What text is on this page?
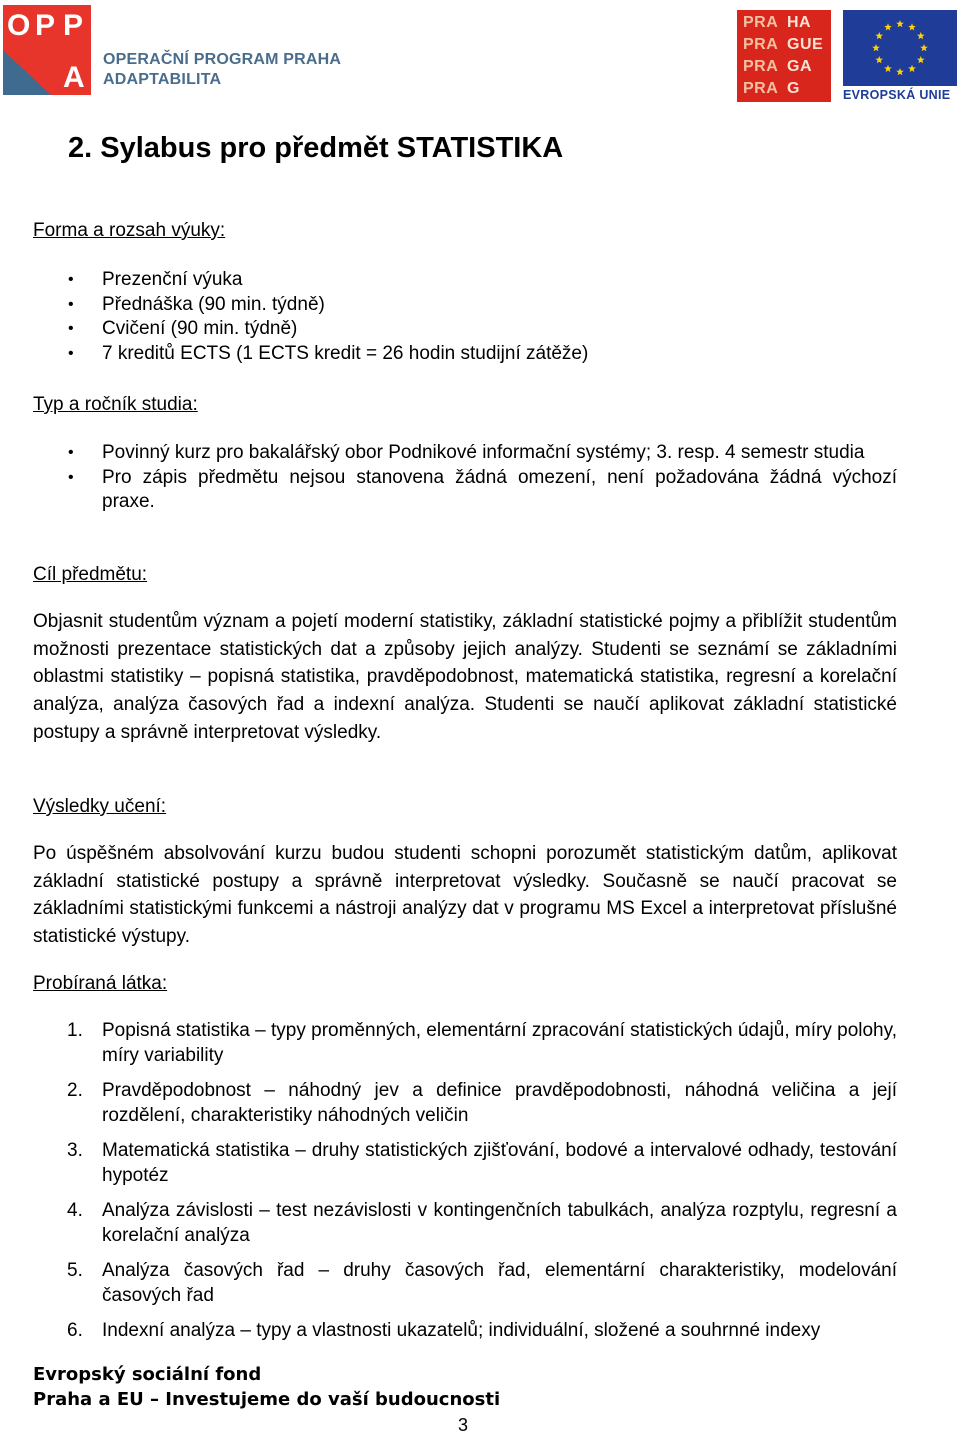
O P P
A
OPERAČNÍ PROGRAM PRAHA
ADAPTABILITA
PRA HA
PRA GUE
PRA GA
PRA G	EVROPSKÁ UNIE
2. Sylabus pro předmět STATISTIKA

Forma a rozsah výuky:

• Prezenční výuka
• Přednáška (90 min. týdně)
• Cvičení (90 min. týdně)
• 7 kreditů ECTS (1 ECTS kredit = 26 hodin studijní zátěže)

Typ a ročník studia:

• Povinný kurz pro bakalářský obor Podnikové informační systémy; 3. resp. 4 semestr studia
• Pro zápis předmětu nejsou stanovena žádná omezení, není požadována žádná výchozí praxe.

Cíl předmětu:

Objasnit studentům význam a pojetí moderní statistiky, základní statistické pojmy a přiblížit studentům možnosti prezentace statistických dat a způsoby jejich analýzy. Studenti se seznámí se základními oblastmi statistiky – popisná statistika, pravděpodobnost, matematická statistika, regresní a korelační analýza, analýza časových řad a indexní analýza. Studenti se naučí aplikovat základní statistické postupy a správně interpretovat výsledky.

Výsledky učení:

Po úspěšném absolvování kurzu budou studenti schopni porozumět statistickým datům, aplikovat základní statistické postupy a správně interpretovat výsledky. Současně se naučí pracovat se základními statistickými funkcemi a nástroji analýzy dat v programu MS Excel a interpretovat příslušné statistické výstupy.

Probíraná látka:

1. Popisná statistika – typy proměnných, elementární zpracování statistických údajů, míry polohy, míry variability
2. Pravděpodobnost – náhodný jev a definice pravděpodobnosti, náhodná veličina a její rozdělení, charakteristiky náhodných veličin
3. Matematická statistika – druhy statistických zjišťování, bodové a intervalové odhady, testování hypotéz
4. Analýza závislosti – test nezávislosti v kontingenčních tabulkách, analýza rozptylu, regresní a korelační analýza
5. Analýza časových řad – druhy časových řad, elementární charakteristiky, modelování časových řad
6. Indexní analýza – typy a vlastnosti ukazatelů; individuální, složené a souhrnné indexy
Evropský sociální fond
Praha a EU – Investujeme do vaší budoucnosti
3
